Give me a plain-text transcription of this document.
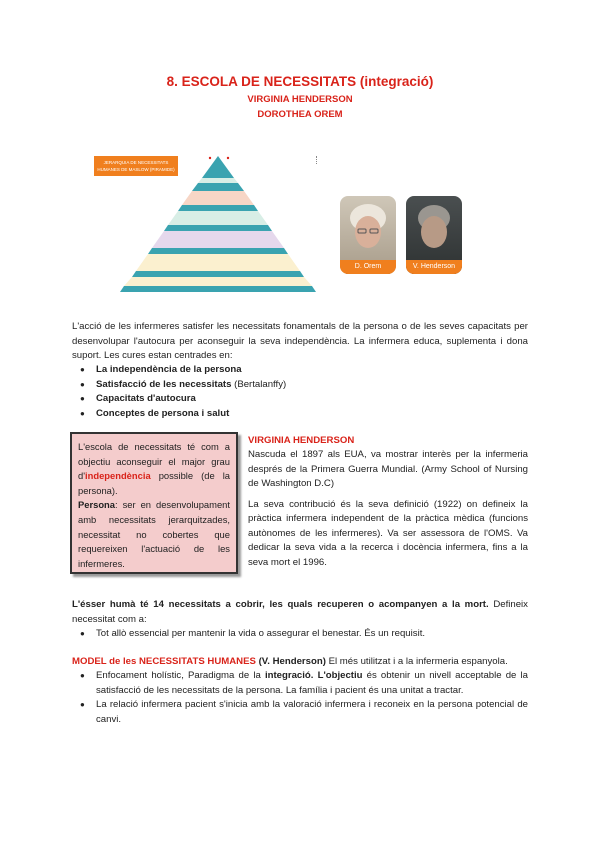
8. ESCOLA DE NECESSITATS (integració)
VIRGINIA HENDERSON
DOROTHEA OREM
JERARQUIA DE NECESSITATS
HUMANES DE MASLOW (PIRAMIDE)
D. Orem	V. Henderson
L'acció de les infermeres satisfer les necessitats fonamentals de la persona o de les seves capacitats per desenvolupar l'autocura per aconseguir la seva independència. La infermera educa, suplementa i dona suport. Les cures estan centrades en:
● La independència de la persona
● Satisfacció de les necessitats (Bertalanffy)
● Capacitats d'autocura
● Conceptes de persona i salut
L'escola de necessitats té com a objectiu aconseguir el major grau d'independència possible (de la persona).
Persona: ser en desenvolupament amb necessitats jerarquitzades, necessitat no cobertes que requereixen l'actuació de les infermeres.
VIRGINIA HENDERSON
Nascuda el 1897 als EUA, va mostrar interès per la infermeria després de la Primera Guerra Mundial. (Army School of Nursing de Washington D.C)
La seva contribució és la seva definició (1922) on defineix la pràctica infermera independent de la pràctica mèdica (funcions autònomes de les infermeres). Va ser assessora de l'OMS. Va dedicar la seva vida a la recerca i docència infermera, fins a la seva mort el 1996.
L'ésser humà té 14 necessitats a cobrir, les quals recuperen o acompanyen a la mort. Defineix necessitat com a:
● Tot allò essencial per mantenir la vida o assegurar el benestar. És un requisit.
MODEL de les NECESSITATS HUMANES (V. Henderson) El més utilitzat i a la infermeria espanyola.
● Enfocament holístic, Paradigma de la integració. L'objectiu és obtenir un nivell acceptable de la satisfacció de les necessitats de la persona. La família i pacient és una unitat a tractar.
● La relació infermera pacient s'inicia amb la valoració infermera i reconeix en la persona potencial de canvi.
